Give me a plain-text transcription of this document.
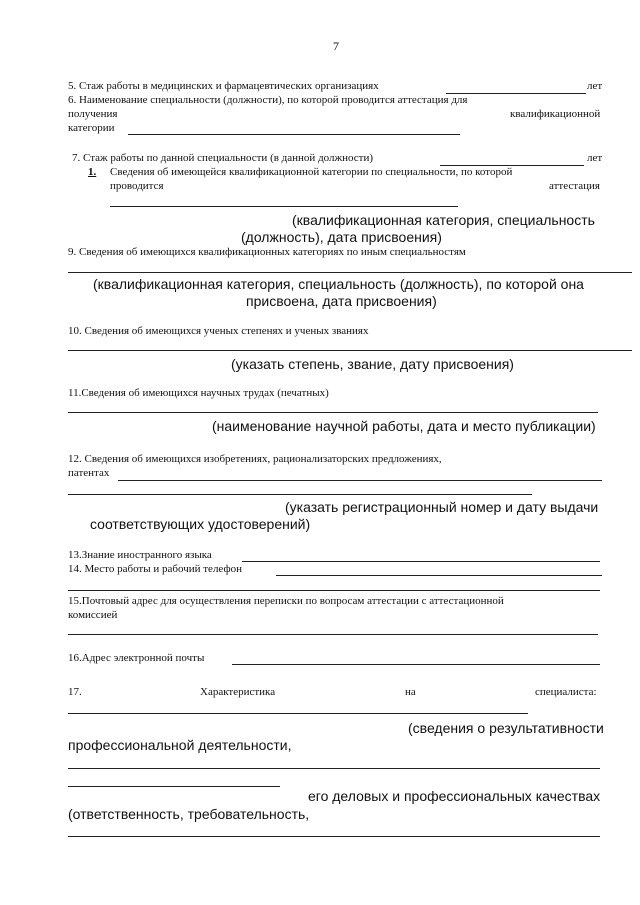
7
5. Стаж работы в медицинских и фармацевтических организациях	лет
6. Наименование специальности (должности), по которой проводится аттестация для
получения	квалификационной
категории
7. Стаж работы по данной специальности (в данной должности)	лет
1. Сведения об имеющейся квалификационной категории по специальности, по которой
проводится	аттестация
(квалификационная категория, специальность
(должность), дата присвоения)
9. Сведения об имеющихся квалификационных категориях по иным специальностям
(квалификационная категория, специальность (должность), по которой она
присвоена, дата присвоения)
10. Сведения об имеющихся ученых степенях и ученых званиях
(указать степень, звание, дату присвоения)
11.Сведения об имеющихся научных трудах (печатных)
(наименование научной работы, дата и место публикации)
12. Сведения об имеющихся изобретениях, рационализаторских предложениях,
патентах
(указать регистрационный номер и дату выдачи
соответствующих удостоверений)
13.Знание иностранного языка
14. Место работы и рабочий телефон
15.Почтовый адрес для осуществления переписки по вопросам аттестации с аттестационной
комиссией
16.Адрес электронной почты
17.	Характеристика	на	специалиста:
(сведения о результативности
профессиональной деятельности,
его деловых и профессиональных качествах
(ответственность, требовательность,
